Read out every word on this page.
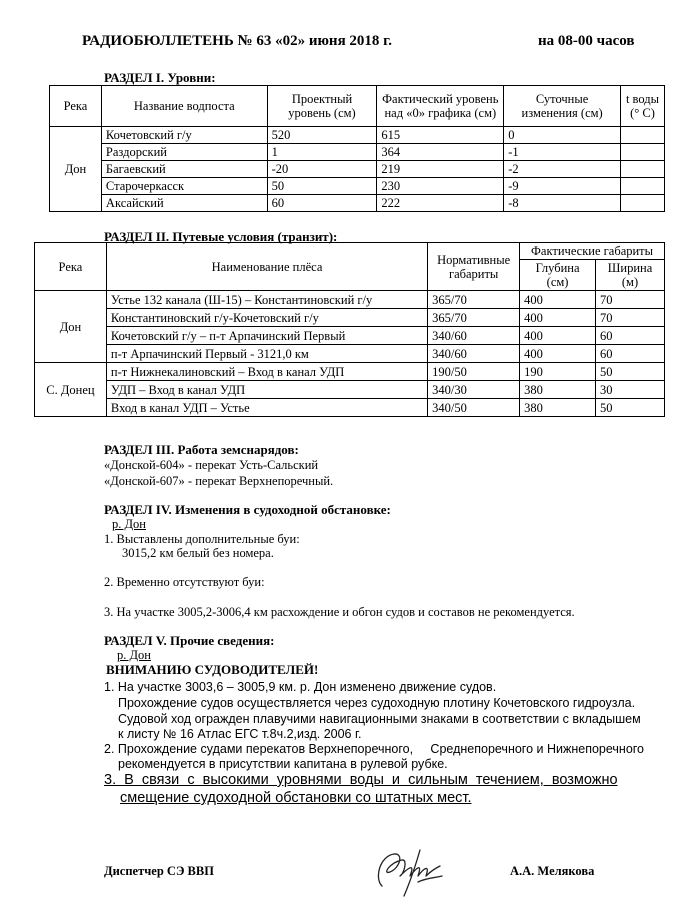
РАДИОБЮЛЛЕТЕНЬ № 63 «02» июня 2018 г.	на 08-00 часов
РАЗДЕЛ I. Уровни:
Река	Название водпоста	Проектный уровень (см)	Фактический уровень над «0» графика (см)	Суточные изменения (см)	t воды (° С)
Дон	Кочетовский г/у	520	615	0	
	Раздорский	1	364	-1	
	Багаевский	-20	219	-2	
	Старочеркасск	50	230	-9	
	Аксайский	60	222	-8	
РАЗДЕЛ II. Путевые условия (транзит):
Река	Наименование плёса	Нормативные габариты	Фактические габариты	
			Глубина (см)	Ширина (м)
Дон	Устье 132 канала (Ш-15) – Константиновский г/у	365/70	400	70
	Константиновский г/у-Кочетовский г/у	365/70	400	70
	Кочетовский г/у – п-т Арпачинский Первый	340/60	400	60
	п-т Арпачинский Первый - 3121,0 км	340/60	400	60
С. Донец	п-т Нижнекалиновский – Вход в канал УДП	190/50	190	50
	УДП – Вход в канал УДП	340/30	380	30
	Вход в канал УДП – Устье	340/50	380	50
РАЗДЕЛ III. Работа земснарядов:
«Донской-604» - перекат Усть-Сальский
«Донской-607» - перекат Верхнепоречный.
РАЗДЕЛ IV. Изменения в судоходной обстановке:
р. Дон
1. Выставлены дополнительные буи:
3015,2 км белый без номера.
2. Временно отсутствуют буи:
3. На участке 3005,2-3006,4 км расхождение и обгон судов и составов не рекомендуется.
РАЗДЕЛ V. Прочие сведения:
р. Дон
ВНИМАНИЮ СУДОВОДИТЕЛЕЙ!
1. На участке 3003,6 – 3005,9 км. р. Дон изменено движение судов.
Прохождение судов осуществляется через судоходную плотину Кочетовского гидроузла.
Судовой ход огражден плавучими навигационными знаками в соответствии с вкладышем
к листу № 16 Атлас ЕГС т.8ч.2,изд. 2006 г.
2. Прохождение судами перекатов Верхнепоречного,     Среднепоречного и Нижнепоречного
рекомендуется в присутствии капитана в рулевой рубке.
3.  В  связи  с  высокими  уровнями  воды  и  сильным  течением,  возможно
смещение судоходной обстановки со штатных мест.
Диспетчер СЭ ВВП	А.А. Мелякова
